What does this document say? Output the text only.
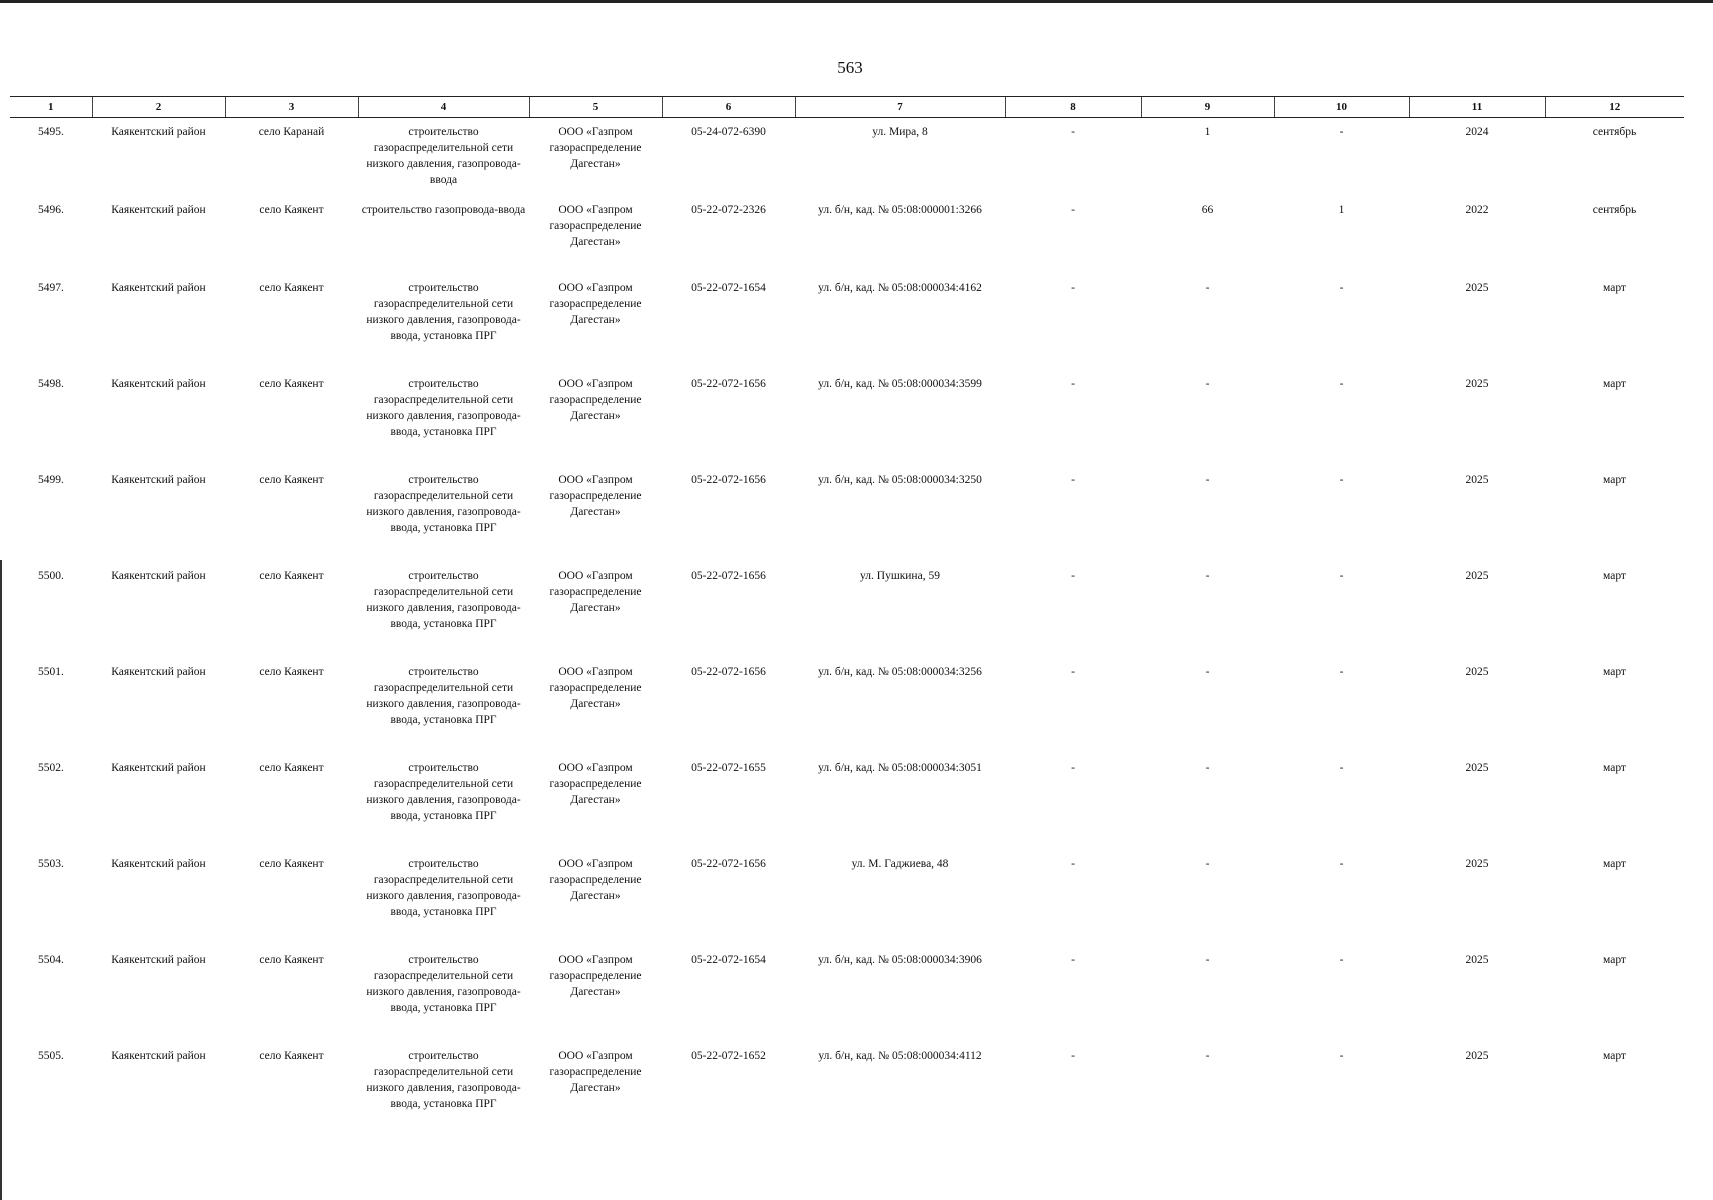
563
1	2	3	4	5	6	7	8	9	10	11	12
5495.	Каякентский район	село Каранай	строительство газораспределительной сети низкого давления, газопровода-ввода	ООО «Газпром газораспределение Дагестан»	05-24-072-6390	ул. Мира, 8	-	1	-	2024	сентябрь
5496.	Каякентский район	село Каякент	строительство газопровода-ввода	ООО «Газпром газораспределение Дагестан»	05-22-072-2326	ул. б/н, кад. № 05:08:000001:3266	-	66	1	2022	сентябрь
5497.	Каякентский район	село Каякент	строительство газораспределительной сети низкого давления, газопровода-ввода, установка ПРГ	ООО «Газпром газораспределение Дагестан»	05-22-072-1654	ул. б/н, кад. № 05:08:000034:4162	-	-	-	2025	март
5498.	Каякентский район	село Каякент	строительство газораспределительной сети низкого давления, газопровода-ввода, установка ПРГ	ООО «Газпром газораспределение Дагестан»	05-22-072-1656	ул. б/н, кад. № 05:08:000034:3599	-	-	-	2025	март
5499.	Каякентский район	село Каякент	строительство газораспределительной сети низкого давления, газопровода-ввода, установка ПРГ	ООО «Газпром газораспределение Дагестан»	05-22-072-1656	ул. б/н, кад. № 05:08:000034:3250	-	-	-	2025	март
5500.	Каякентский район	село Каякент	строительство газораспределительной сети низкого давления, газопровода-ввода, установка ПРГ	ООО «Газпром газораспределение Дагестан»	05-22-072-1656	ул. Пушкина, 59	-	-	-	2025	март
5501.	Каякентский район	село Каякент	строительство газораспределительной сети низкого давления, газопровода-ввода, установка ПРГ	ООО «Газпром газораспределение Дагестан»	05-22-072-1656	ул. б/н, кад. № 05:08:000034:3256	-	-	-	2025	март
5502.	Каякентский район	село Каякент	строительство газораспределительной сети низкого давления, газопровода-ввода, установка ПРГ	ООО «Газпром газораспределение Дагестан»	05-22-072-1655	ул. б/н, кад. № 05:08:000034:3051	-	-	-	2025	март
5503.	Каякентский район	село Каякент	строительство газораспределительной сети низкого давления, газопровода-ввода, установка ПРГ	ООО «Газпром газораспределение Дагестан»	05-22-072-1656	ул. М. Гаджиева, 48	-	-	-	2025	март
5504.	Каякентский район	село Каякент	строительство газораспределительной сети низкого давления, газопровода-ввода, установка ПРГ	ООО «Газпром газораспределение Дагестан»	05-22-072-1654	ул. б/н, кад. № 05:08:000034:3906	-	-	-	2025	март
5505.	Каякентский район	село Каякент	строительство газораспределительной сети низкого давления, газопровода-ввода, установка ПРГ	ООО «Газпром газораспределение Дагестан»	05-22-072-1652	ул. б/н, кад. № 05:08:000034:4112	-	-	-	2025	март
